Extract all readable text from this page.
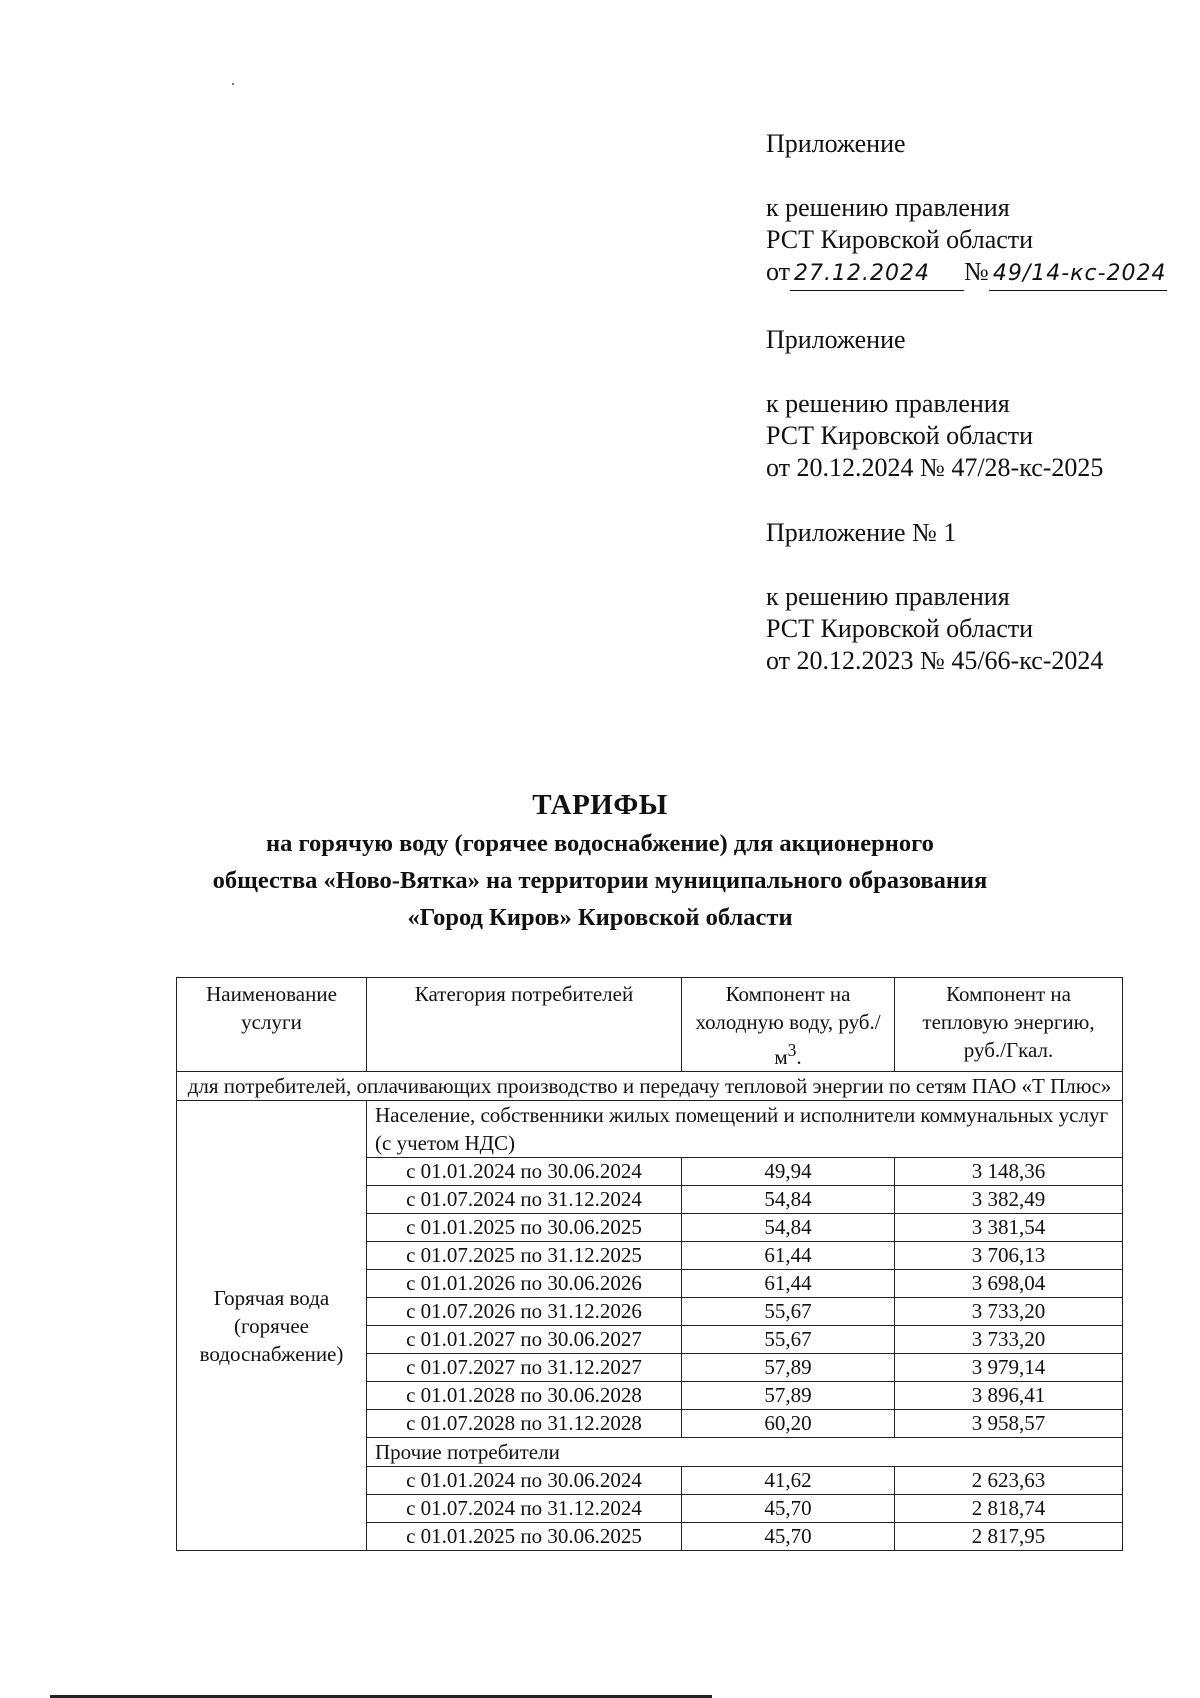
Приложение
к решению правления
РСТ Кировской области
от 27.12.2024 № 49/14-кс-2024
Приложение
к решению правления
РСТ Кировской области
от 20.12.2024 № 47/28-кс-2025
Приложение № 1
к решению правления
РСТ Кировской области
от 20.12.2023 № 45/66-кс-2024
ТАРИФЫ
на горячую воду (горячее водоснабжение) для акционерного
общества «Ново-Вятка» на территории муниципального образования
«Город Киров» Кировской области
Наименование услуги	Категория потребителей	Компонент на холодную воду, $руб./м^3$.	Компонент на тепловую энергию, руб./Гкал.
для потребителей, оплачивающих производство и передачу тепловой энергии по сетям ПАО «Т Плюс»			
Горячая вода (горячее водоснабжение)	Население, собственники жилых помещений и исполнители коммунальных услуг (с учетом НДС)		
	с 01.01.2024 по 30.06.2024	49,94	3 148,36
	с 01.07.2024 по 31.12.2024	54,84	3 382,49
	с 01.01.2025 по 30.06.2025	54,84	3 381,54
	с 01.07.2025 по 31.12.2025	61,44	3 706,13
	с 01.01.2026 по 30.06.2026	61,44	3 698,04
	с 01.07.2026 по 31.12.2026	55,67	3 733,20
	с 01.01.2027 по 30.06.2027	55,67	3 733,20
	с 01.07.2027 по 31.12.2027	57,89	3 979,14
	с 01.01.2028 по 30.06.2028	57,89	3 896,41
	с 01.07.2028 по 31.12.2028	60,20	3 958,57
	Прочие потребители		
	с 01.01.2024 по 30.06.2024	41,62	2 623,63
	с 01.07.2024 по 31.12.2024	45,70	2 818,74
	с 01.01.2025 по 30.06.2025	45,70	2 817,95
